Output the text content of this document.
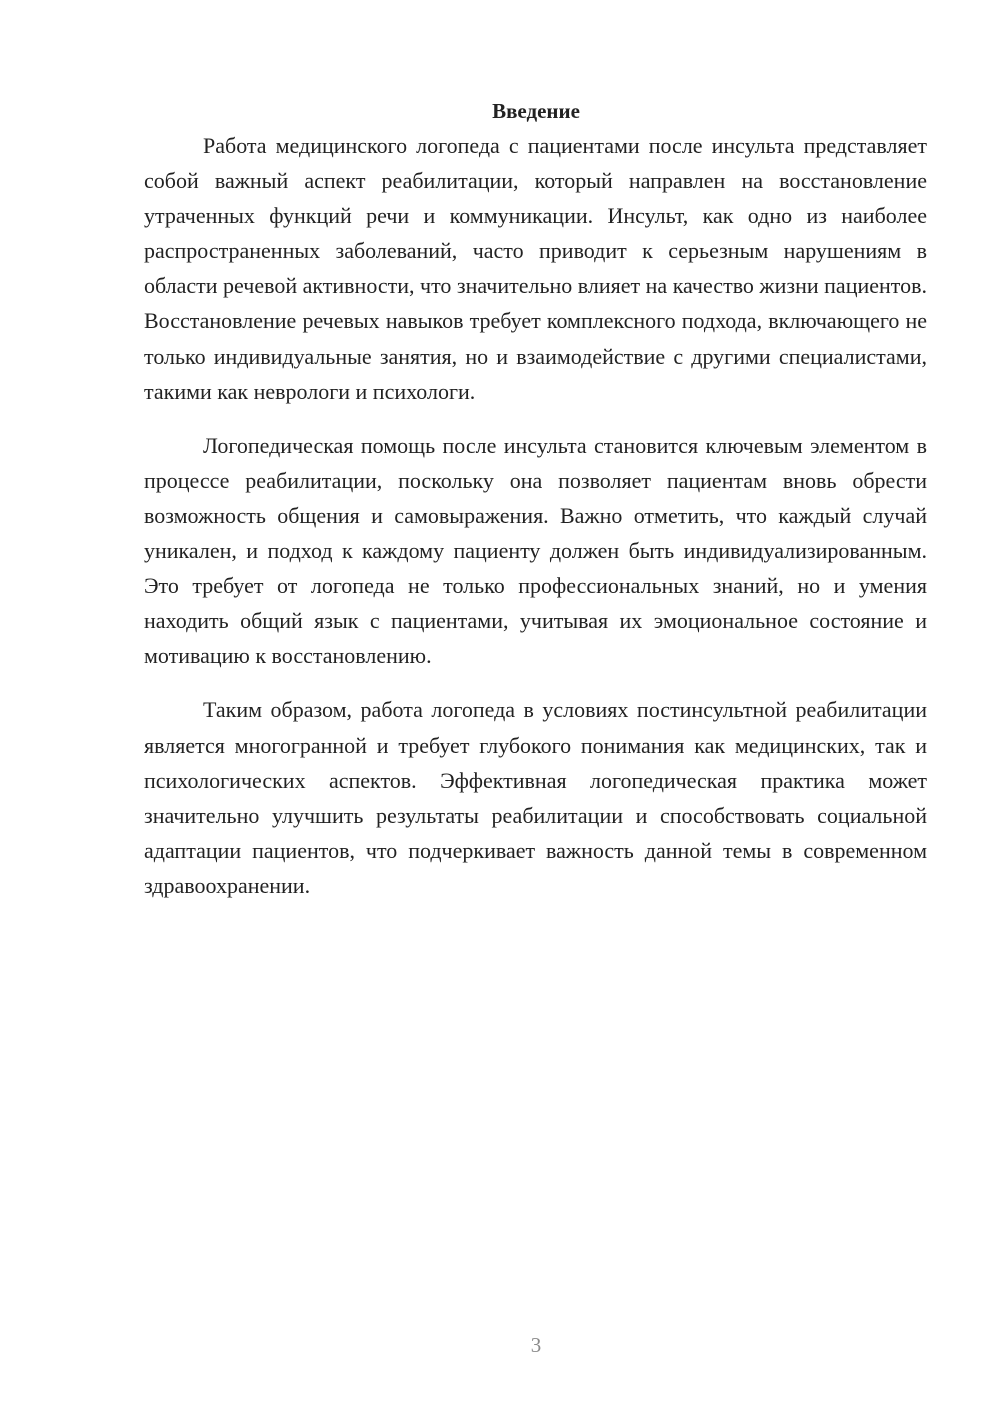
Введение

Работа медицинского логопеда с пациентами после инсульта представляет собой важный аспект реабилитации, который направлен на восстановление утраченных функций речи и коммуникации. Инсульт, как одно из наиболее распространенных заболеваний, часто приводит к серьезным нарушениям в области речевой активности, что значительно влияет на качество жизни пациентов. Восстановление речевых навыков требует комплексного подхода, включающего не только индивидуальные занятия, но и взаимодействие с другими специалистами, такими как неврологи и психологи.

Логопедическая помощь после инсульта становится ключевым элементом в процессе реабилитации, поскольку она позволяет пациентам вновь обрести возможность общения и самовыражения. Важно отметить, что каждый случай уникален, и подход к каждому пациенту должен быть индивидуализированным. Это требует от логопеда не только профессиональных знаний, но и умения находить общий язык с пациентами, учитывая их эмоциональное состояние и мотивацию к восстановлению.

Таким образом, работа логопеда в условиях постинсультной реабилитации является многогранной и требует глубокого понимания как медицинских, так и психологических аспектов. Эффективная логопедическая практика может значительно улучшить результаты реабилитации и способствовать социальной адаптации пациентов, что подчеркивает важность данной темы в современном здравоохранении.

3
